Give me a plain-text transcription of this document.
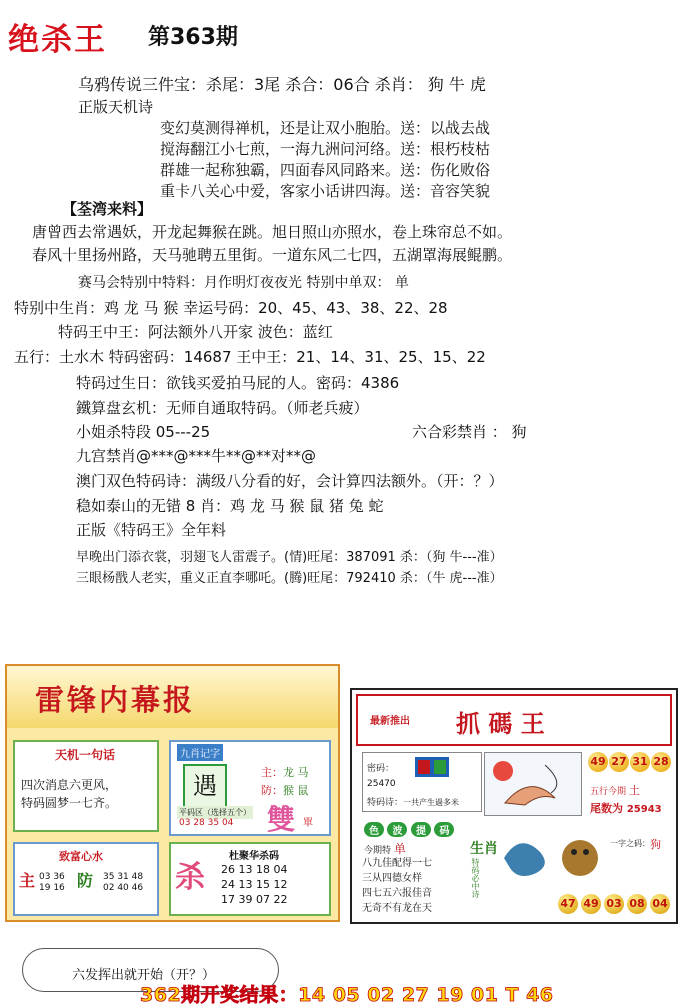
绝杀王 第363期
乌鸦传说三件宝：杀尾：3尾 杀合：06合 杀肖： 狗 牛 虎
正版天机诗
变幻莫测得禅机，还是让双小胞胎。送：以战去战
搅海翻江小七煎，一海九洲问河络。送：根朽枝枯
群雄一起称独霸，四面春风同路来。送：伤化败俗
重卡八关心中爱，客家小话讲四海。送：音容笑貌
【荃湾来料】
唐曾西去常遇妖，开龙起舞猴在跳。旭日照山亦照水，卷上珠帘总不如。
春风十里扬州路，天马驰聘五里街。一道东风二七四，五湖罩海展鲲鹏。
赛马会特别中特料：月作明灯夜夜光 特别中单双： 单
特别中生肖：鸡 龙 马 猴 幸运号码：20、45、43、38、22、28
特码王中王：阿法额外八开家 波色：蓝红
五行：土水木 特码密码：14687 王中王：21、14、31、25、15、22
特码过生日：欲钱买爱拍马屁的人。密码：4386
鐵算盘玄机：无师自通取特码。（师老兵疲）
小姐杀特段 05---25	六合彩禁肖 ： 狗
九宫禁肖@***@***牛**@**对**@
澳门双色特码诗：满级八分看的好，会计算四法额外。（开：？）
稳如泰山的无错 8 肖：鸡 龙 马 猴 鼠 猪 兔 蛇
正版《特码王》全年料
早晚出门添衣裳，羽翅飞人雷震子。(情)旺尾：387091 杀：（狗 牛---准）
三眼杨戬人老实，重义正直李哪吒。(腾)旺尾：792410 杀：（牛 虎---准）
雷锋内幕报
天机一句话
四次消息六更风，
特码圆梦一七齐。
九肖记字
遇	主：龙 马
防：猴 鼠
平码区（选择五个）
03 28 35 04 雙 單
致富心水
主 03 36
19 16 防 35 31 48
02 40 46 杀
杜聚华杀码
26 13 18 04
24 13 15 12
17 39 07 22
最新推出 抓 碼 王
密码：
25470
特码诗：一共产生過多米
49 27 31 28
五行今期 土
尾数为 25943
色 波 提 码
今期特 单
八九佳配得一七
三从四德女样
四七五六报佳音
无奇不有龙在天
生肖
特码必中诗
一字之码： 狗
47 49 03 08 04
六发挥出就开始（开？）
362期开奖结果：14 05 02 27 19 01 T 46
